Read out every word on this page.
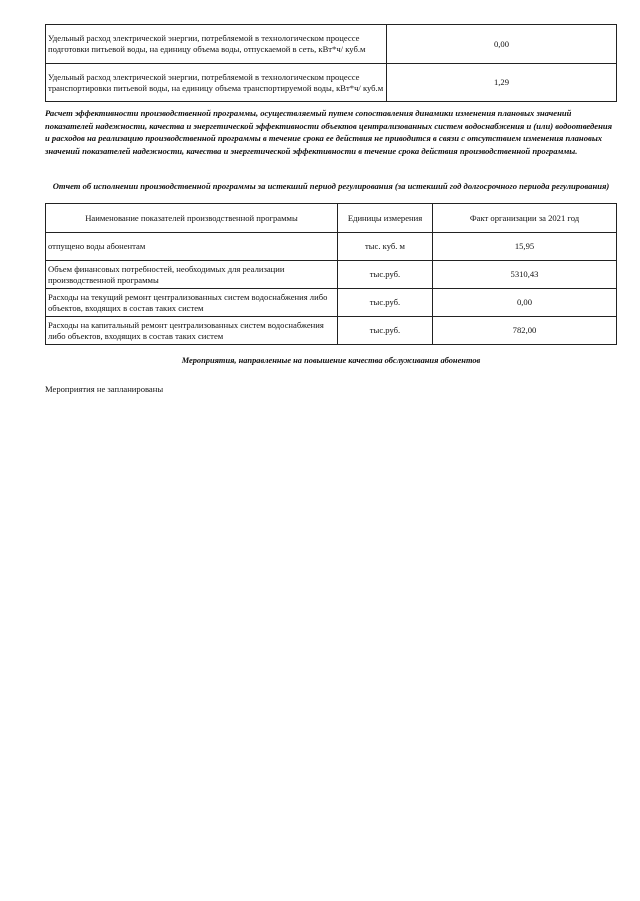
Удельный расход электрической энергии, потребляемой в технологическом процессе подготовки питьевой воды, на единицу объема воды, отпускаемой в сеть, кВт*ч/ куб.м	0,00
Удельный расход электрической энергии, потребляемой в технологическом процессе транспортировки питьевой воды, на единицу объема транспортируемой воды, кВт*ч/ куб.м	1,29
Расчет эффективности производственной программы, осуществляемый путем сопоставления динамики изменения плановых значений показателей надежности, качества и энергетической эффективности объектов централизованных систем водоснабжения и (или) водоотведения и расходов на реализацию производственной программы в течение срока ее действия не приводится в связи с отсутствием изменения плановых значений показателей надежности, качества и энергетической эффективности в течение срока действия производственной программы.
Отчет об исполнении производственной программы за истекший период регулирования (за истекший год долгосрочного периода регулирования)
Наименование показателей производственной программы	Единицы измерения	Факт организации за 2021 год
отпущено воды абонентам	тыс. куб. м	15,95
Объем финансовых потребностей, необходимых для реализации производственной программы	тыс.руб.	5310,43
Расходы на текущий ремонт централизованных систем водоснабжения либо объектов, входящих в состав таких систем	тыс.руб.	0,00
Расходы на капитальный ремонт централизованных систем водоснабжения либо объектов, входящих в состав таких систем	тыс.руб.	782,00
Мероприятия, направленные на повышение качества обслуживания абонентов
Мероприятия не запланированы
